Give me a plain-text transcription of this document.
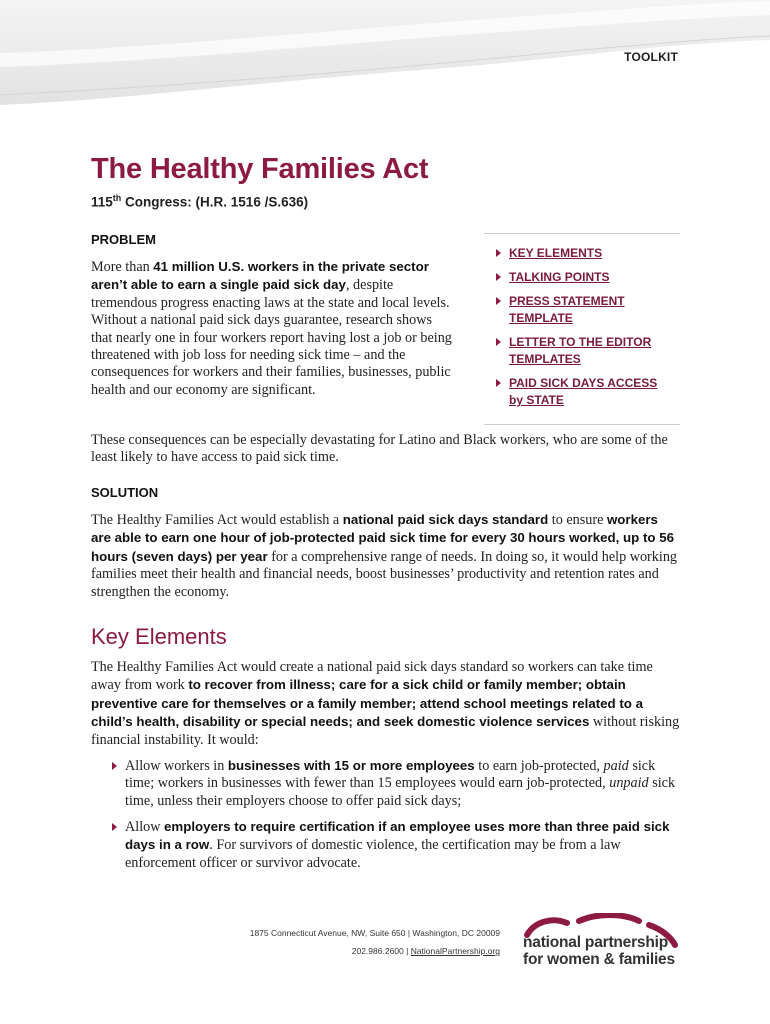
TOOLKIT
The Healthy Families Act
115th Congress: (H.R. 1516 /S.636)
PROBLEM

More than 41 million U.S. workers in the private sector aren’t able to earn a single paid sick day, despite tremendous progress enacting laws at the state and local levels. Without a national paid sick days guarantee, research shows that nearly one in four workers report having lost a job or being threatened with job loss for needing sick time – and the consequences for workers and their families, businesses, public health and our economy are significant.

KEY ELEMENTS
TALKING POINTS
PRESS STATEMENT TEMPLATE
LETTER TO THE EDITOR TEMPLATES
PAID SICK DAYS ACCESS by STATE

These consequences can be especially devastating for Latino and Black workers, who are some of the least likely to have access to paid sick time.

SOLUTION

The Healthy Families Act would establish a national paid sick days standard to ensure workers are able to earn one hour of job-protected paid sick time for every 30 hours worked, up to 56 hours (seven days) per year for a comprehensive range of needs. In doing so, it would help working families meet their health and financial needs, boost businesses’ productivity and retention rates and strengthen the economy.

Key Elements

The Healthy Families Act would create a national paid sick days standard so workers can take time away from work to recover from illness; care for a sick child or family member; obtain preventive care for themselves or a family member; attend school meetings related to a child’s health, disability or special needs; and seek domestic violence services without risking financial instability. It would:

Allow workers in businesses with 15 or more employees to earn job-protected, paid sick time; workers in businesses with fewer than 15 employees would earn job-protected, unpaid sick time, unless their employers choose to offer paid sick days;
Allow employers to require certification if an employee uses more than three paid sick days in a row. For survivors of domestic violence, the certification may be from a law enforcement officer or survivor advocate.
1875 Connecticut Avenue, NW, Suite 650 | Washington, DC 20009
202.986.2600 | NationalPartnership.org national partnership
for women & families
